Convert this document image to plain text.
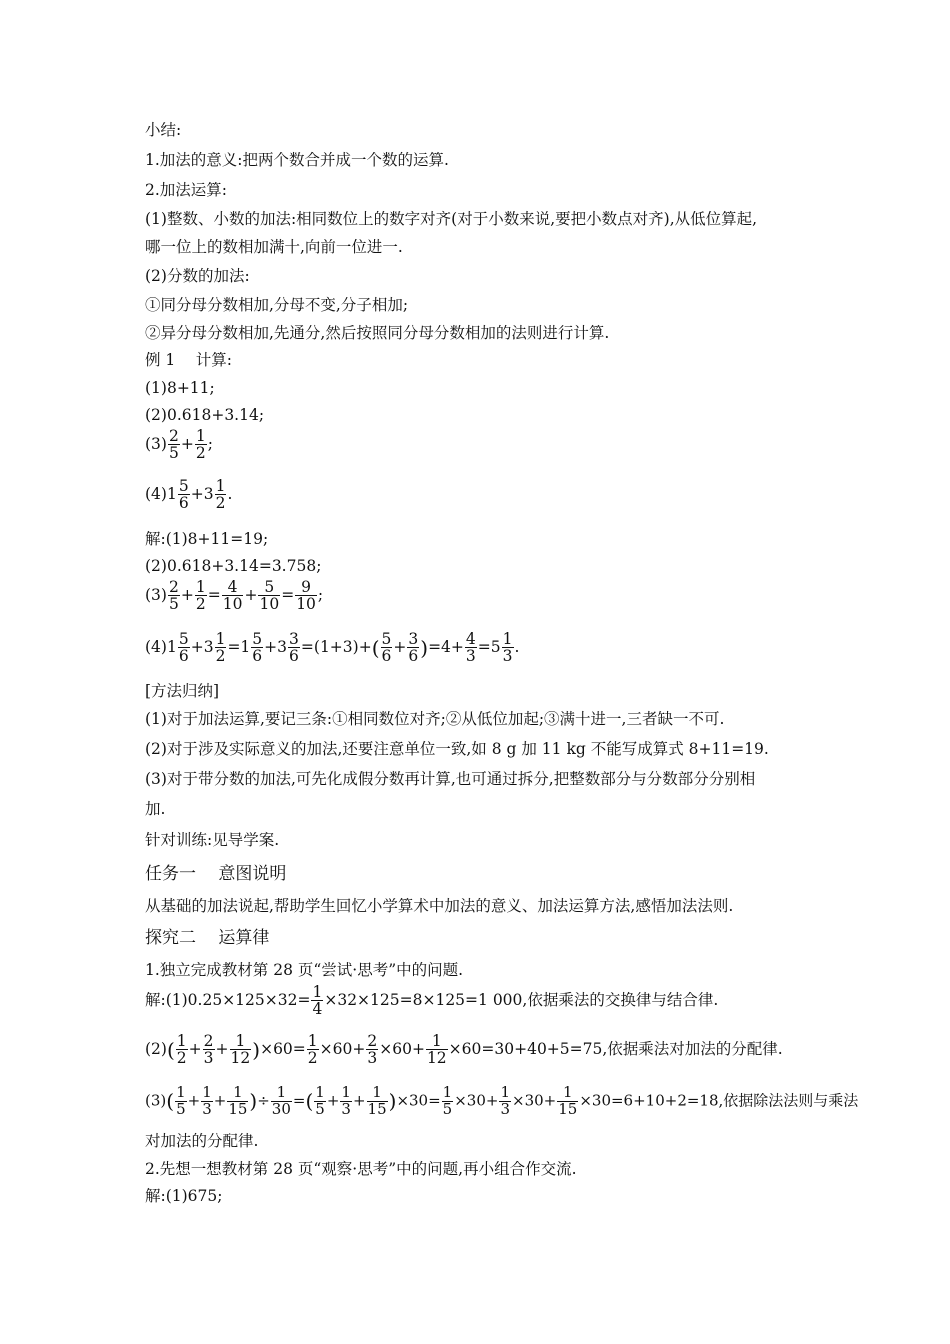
小结:
1.加法的意义:把两个数合并成一个数的运算.
2.加法运算:
(1)整数、小数的加法:相同数位上的数字对齐(对于小数来说,要把小数点对齐),从低位算起,
哪一位上的数相加满十,向前一位进一.
(2)分数的加法:
①同分母分数相加,分母不变,分子相加;
②异分母分数相加,先通分,然后按照同分母分数相加的法则进行计算.
例 1　 计算:
(1)8+11;
(2)0.618+3.14;
$(3) \frac{2}{5} + \frac{1}{2}$ ;
$(4)1 \frac{5}{6} +3 \frac{1}{2}$ .
解:(1)8+11=19;
(2)0.618+3.14=3.758;
$(3) \frac{2}{5} + \frac{1}{2} = \frac{4}{10} + \frac{5}{10} = \frac{9}{10}$ ;
$(4)1 \frac{5}{6} +3 \frac{1}{2} =1 \frac{5}{6} +3 \frac{3}{6} =(1+3)+( \frac{5}{6} + \frac{3}{6} )=4+ \frac{4}{3} =5 \frac{1}{3}$ .
[方法归纳]
(1)对于加法运算,要记三条:①相同数位对齐;②从低位加起;③满十进一,三者缺一不可.
(2)对于涉及实际意义的加法,还要注意单位一致,如 8 g 加 11 kg 不能写成算式 8+11=19.
(3)对于带分数的加法,可先化成假分数再计算,也可通过拆分,把整数部分与分数部分分别相
加.
针对训练:见导学案.
任务一　 意图说明
从基础的加法说起,帮助学生回忆小学算术中加法的意义、加法运算方法,感悟加法法则.
探究二　 运算律
1.独立完成教材第 28 页“尝试·思考”中的问题.
解:(1)0.25×125×32= $\frac{1}{4} \times 32\times 125=8\times 125=1$ 000,依据乘法的交换律与结合律.
$(2)( \frac{1}{2} + \frac{2}{3} + \frac{1}{12} )\times 60= \frac{1}{2} \times 60+ \frac{2}{3} \times 60+ \frac{1}{12} \times 60=30+40+5=75$,依据乘法对加法的分配律.
$(3)( \frac{1}{5} + \frac{1}{3} + \frac{1}{15}$ )÷ $\frac{1}{30}$ =( $\frac{1}{5} + \frac{1}{3} + \frac{1}{15} )\times 30= \frac{1}{5} \times 30+ \frac{1}{3} \times 30+ \frac{1}{15} \times 30=6+10+2=18$,依据除法法则与乘法
对加法的分配律.
2.先想一想教材第 28 页“观察·思考”中的问题,再小组合作交流.
解:(1)675;
